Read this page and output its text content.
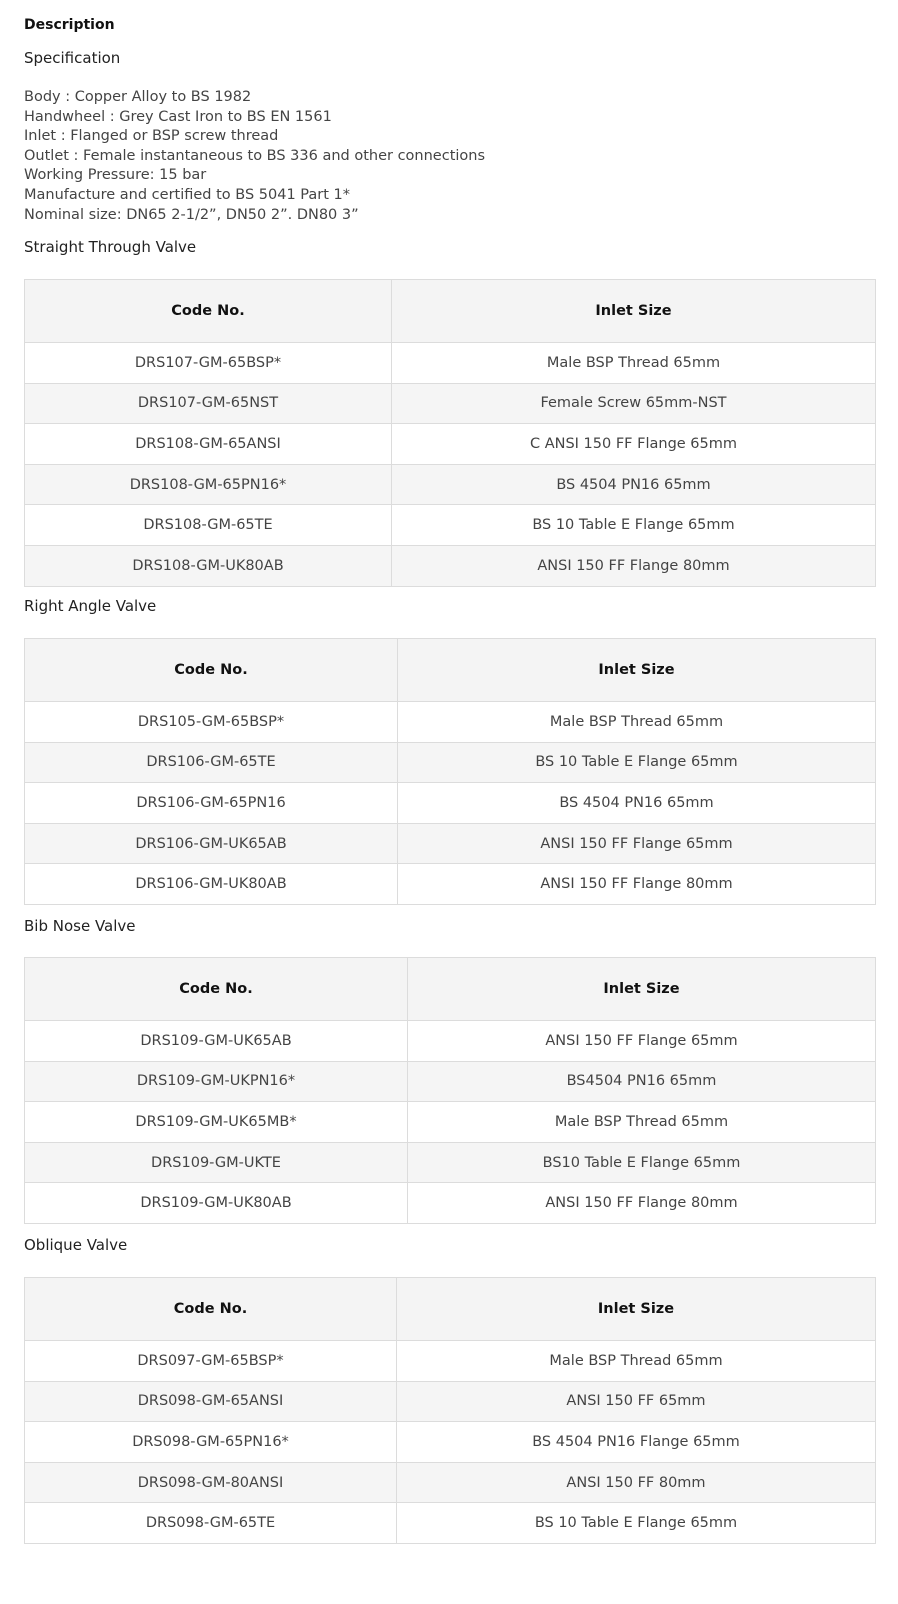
Description
Specification
Body : Copper Alloy to BS 1982
Handwheel : Grey Cast Iron to BS EN 1561
Inlet : Flanged or BSP screw thread
Outlet : Female instantaneous to BS 336 and other connections
Working Pressure: 15 bar
Manufacture and certified to BS 5041 Part 1*
Nominal size: DN65 2-1/2”, DN50 2”. DN80 3”
Straight Through Valve
Code No.	Inlet Size
DRS107-GM-65BSP*	Male BSP Thread 65mm
DRS107-GM-65NST	Female Screw 65mm-NST
DRS108-GM-65ANSI	C ANSI 150 FF Flange 65mm
DRS108-GM-65PN16*	BS 4504 PN16 65mm
DRS108-GM-65TE	BS 10 Table E Flange 65mm
DRS108-GM-UK80AB	ANSI 150 FF Flange 80mm
Right Angle Valve
Code No.	Inlet Size
DRS105-GM-65BSP*	Male BSP Thread 65mm
DRS106-GM-65TE	BS 10 Table E Flange 65mm
DRS106-GM-65PN16	BS 4504 PN16 65mm
DRS106-GM-UK65AB	ANSI 150 FF Flange 65mm
DRS106-GM-UK80AB	ANSI 150 FF Flange 80mm
Bib Nose Valve
Code No.	Inlet Size
DRS109-GM-UK65AB	ANSI 150 FF Flange 65mm
DRS109-GM-UKPN16*	BS4504 PN16 65mm
DRS109-GM-UK65MB*	Male BSP Thread 65mm
DRS109-GM-UKTE	BS10 Table E Flange 65mm
DRS109-GM-UK80AB	ANSI 150 FF Flange 80mm
Oblique Valve
Code No.	Inlet Size
DRS097-GM-65BSP*	Male BSP Thread 65mm
DRS098-GM-65ANSI	ANSI 150 FF 65mm
DRS098-GM-65PN16*	BS 4504 PN16 Flange 65mm
DRS098-GM-80ANSI	ANSI 150 FF 80mm
DRS098-GM-65TE	BS 10 Table E Flange 65mm
